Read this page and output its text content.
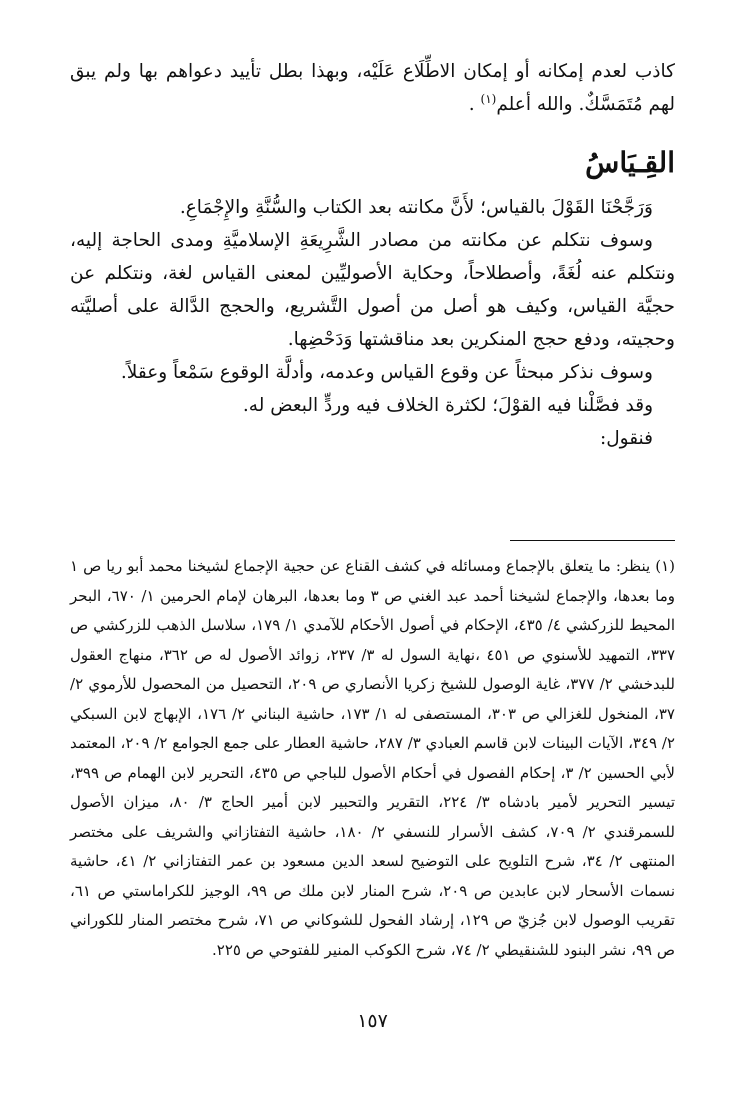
كاذب لعدم إمكانه أو إمكان الاطِّلَاع عَلَيْه، وبهذا بطل تأييد دعواهم بها ولم يبق لهم مُتَمَسَّكٌ. والله أعلم$^{(١)}$ .

القِـيَاسُ

وَرَجَّحْنَا القَوْلَ بالقياس؛ لأَنَّ مكانته بعد الكتاب والسُّنَّةِ والإِجْمَاعِ.

وسوف نتكلم عن مكانته من مصادر الشَّرِيعَةِ الإسلاميَّةِ ومدى الحاجة إليه، ونتكلم عنه لُغَةً، وأصطلاحاً، وحكاية الأصوليِّين لمعنى القياس لغة، ونتكلم عن حجيَّة القياس، وكيف هو أصل من أصول التَّشريع، والحجج الدَّالة على أصليَّته وحجيته، ودفع حجج المنكرين بعد مناقشتها وَدَحْضِها.

وسوف نذكر مبحثاً عن وقوع القياس وعدمه، وأدلَّة الوقوع سَمْعاً وعقلاً.

وقد فصَّلْنا فيه القوْلَ؛ لكثرة الخلاف فيه وردٍّ البعض له.

فنقول:

(١) ينظر: ما يتعلق بالإجماع ومسائله في كشف القناع عن حجية الإجماع لشيخنا محمد أبو ريا ص ١ وما بعدها، والإجماع لشيخنا أحمد عبد الغني ص ٣ وما بعدها، البرهان لإمام الحرمين ١/ ٦٧٠، البحر المحيط للزركشي ٤/ ٤٣٥، الإحكام في أصول الأحكام للآمدي ١/ ١٧٩، سلاسل الذهب للزركشي ص ٣٣٧، التمهيد للأسنوي ص ٤٥١ ،نهاية السول له ٣/ ٢٣٧، زوائد الأصول له ص ٣٦٢، منهاج العقول للبدخشي ٢/ ٣٧٧، غاية الوصول للشيخ زكريا الأنصاري ص ٢٠٩، التحصيل من المحصول للأرموي ٢/ ٣٧، المنخول للغزالي ص ٣٠٣، المستصفى له ١/ ١٧٣، حاشية البناني ٢/ ١٧٦، الإبهاج لابن السبكي ٢/ ٣٤٩، الآيات البينات لابن قاسم العبادي ٣/ ٢٨٧، حاشية العطار على جمع الجوامع ٢/ ٢٠٩، المعتمد لأبي الحسين ٢/ ٣، إحكام الفصول في أحكام الأصول للباجي ص ٤٣٥، التحرير لابن الهمام ص ٣٩٩، تيسير التحرير لأمير بادشاه ٣/ ٢٢٤، التقرير والتحبير لابن أمير الحاج ٣/ ٨٠، ميزان الأصول للسمرقندي ٢/ ٧٠٩، كشف الأسرار للنسفي ٢/ ١٨٠، حاشية التفتازاني والشريف على مختصر المنتهى ٢/ ٣٤، شرح التلويح على التوضيح لسعد الدين مسعود بن عمر التفتازاني ٢/ ٤١، حاشية نسمات الأسحار لابن عابدين ص ٢٠٩، شرح المنار لابن ملك ص ٩٩، الوجيز للكراماستي ص ٦١، تقريب الوصول لابن جُزيّ ص ١٢٩، إرشاد الفحول للشوكاني ص ٧١، شرح مختصر المنار للكوراني ص ٩٩، نشر البنود للشنقيطي ٢/ ٧٤، شرح الكوكب المنير للفتوحي ص ٢٢٥.

١٥٧
